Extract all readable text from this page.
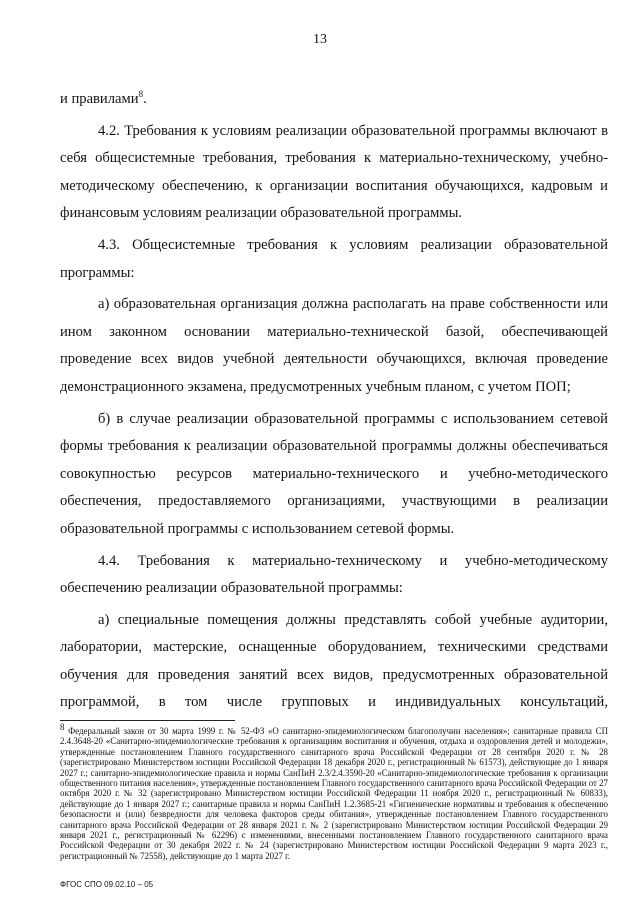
13

и правилами$^8$.

4.2. Требования к условиям реализации образовательной программы включают в себя общесистемные требования, требования к материально-техническому, учебно-методическому обеспечению, к организации воспитания обучающихся, кадровым и финансовым условиям реализации образовательной программы.

4.3. Общесистемные требования к условиям реализации образовательной программы:

а) образовательная организация должна располагать на праве собственности или ином законном основании материально-технической базой, обеспечивающей проведение всех видов учебной деятельности обучающихся, включая проведение демонстрационного экзамена, предусмотренных учебным планом, с учетом ПОП;

б) в случае реализации образовательной программы с использованием сетевой формы требования к реализации образовательной программы должны обеспечиваться совокупностью ресурсов материально-технического и учебно-методического обеспечения, предоставляемого организациями, участвующими в реализации образовательной программы с использованием сетевой формы.

4.4. Требования к материально-техническому и учебно-методическому обеспечению реализации образовательной программы:

а) специальные помещения должны представлять собой учебные аудитории, лаборатории, мастерские, оснащенные оборудованием, техническими средствами обучения для проведения занятий всех видов, предусмотренных образовательной программой, в том числе групповых и индивидуальных консультаций,

$^8$ Федеральный закон от 30 марта 1999 г. № 52-ФЗ «О санитарно-эпидемиологическом благополучии населения»; санитарные правила СП 2.4.3648-20 «Санитарно-эпидемиологические требования к организациям воспитания и обучения, отдыха и оздоровления детей и молодежи», утвержденные постановлением Главного государственного санитарного врача Российской Федерации от 28 сентября 2020 г. № 28 (зарегистрировано Министерством юстиции Российской Федерации 18 декабря 2020 г., регистрационный № 61573), действующие до 1 января 2027 г.; санитарно-эпидемиологические правила и нормы СанПиН 2.3/2.4.3590-20 «Санитарно-эпидемиологические требования к организации общественного питания населения», утвержденные постановлением Главного государственного санитарного врача Российской Федерации от 27 октября 2020 г. № 32 (зарегистрировано Министерством юстиции Российской Федерации 11 ноября 2020 г., регистрационный № 60833), действующие до 1 января 2027 г.; санитарные правила и нормы СанПиН 1.2.3685-21 «Гигиенические нормативы и требования к обеспечению безопасности и (или) безвредности для человека факторов среды обитания», утвержденные постановлением Главного государственного санитарного врача Российской Федерации от 28 января 2021 г. № 2 (зарегистрировано Министерством юстиции Российской Федерации 29 января 2021 г., регистрационный № 62296) с изменениями, внесенными постановлением Главного государственного санитарного врача Российской Федерации от 30 декабря 2022 г. № 24 (зарегистрировано Министерством юстиции Российской Федерации 9 марта 2023 г., регистрационный № 72558), действующие до 1 марта 2027 г.

ФГОС СПО 09.02.10 – 05
